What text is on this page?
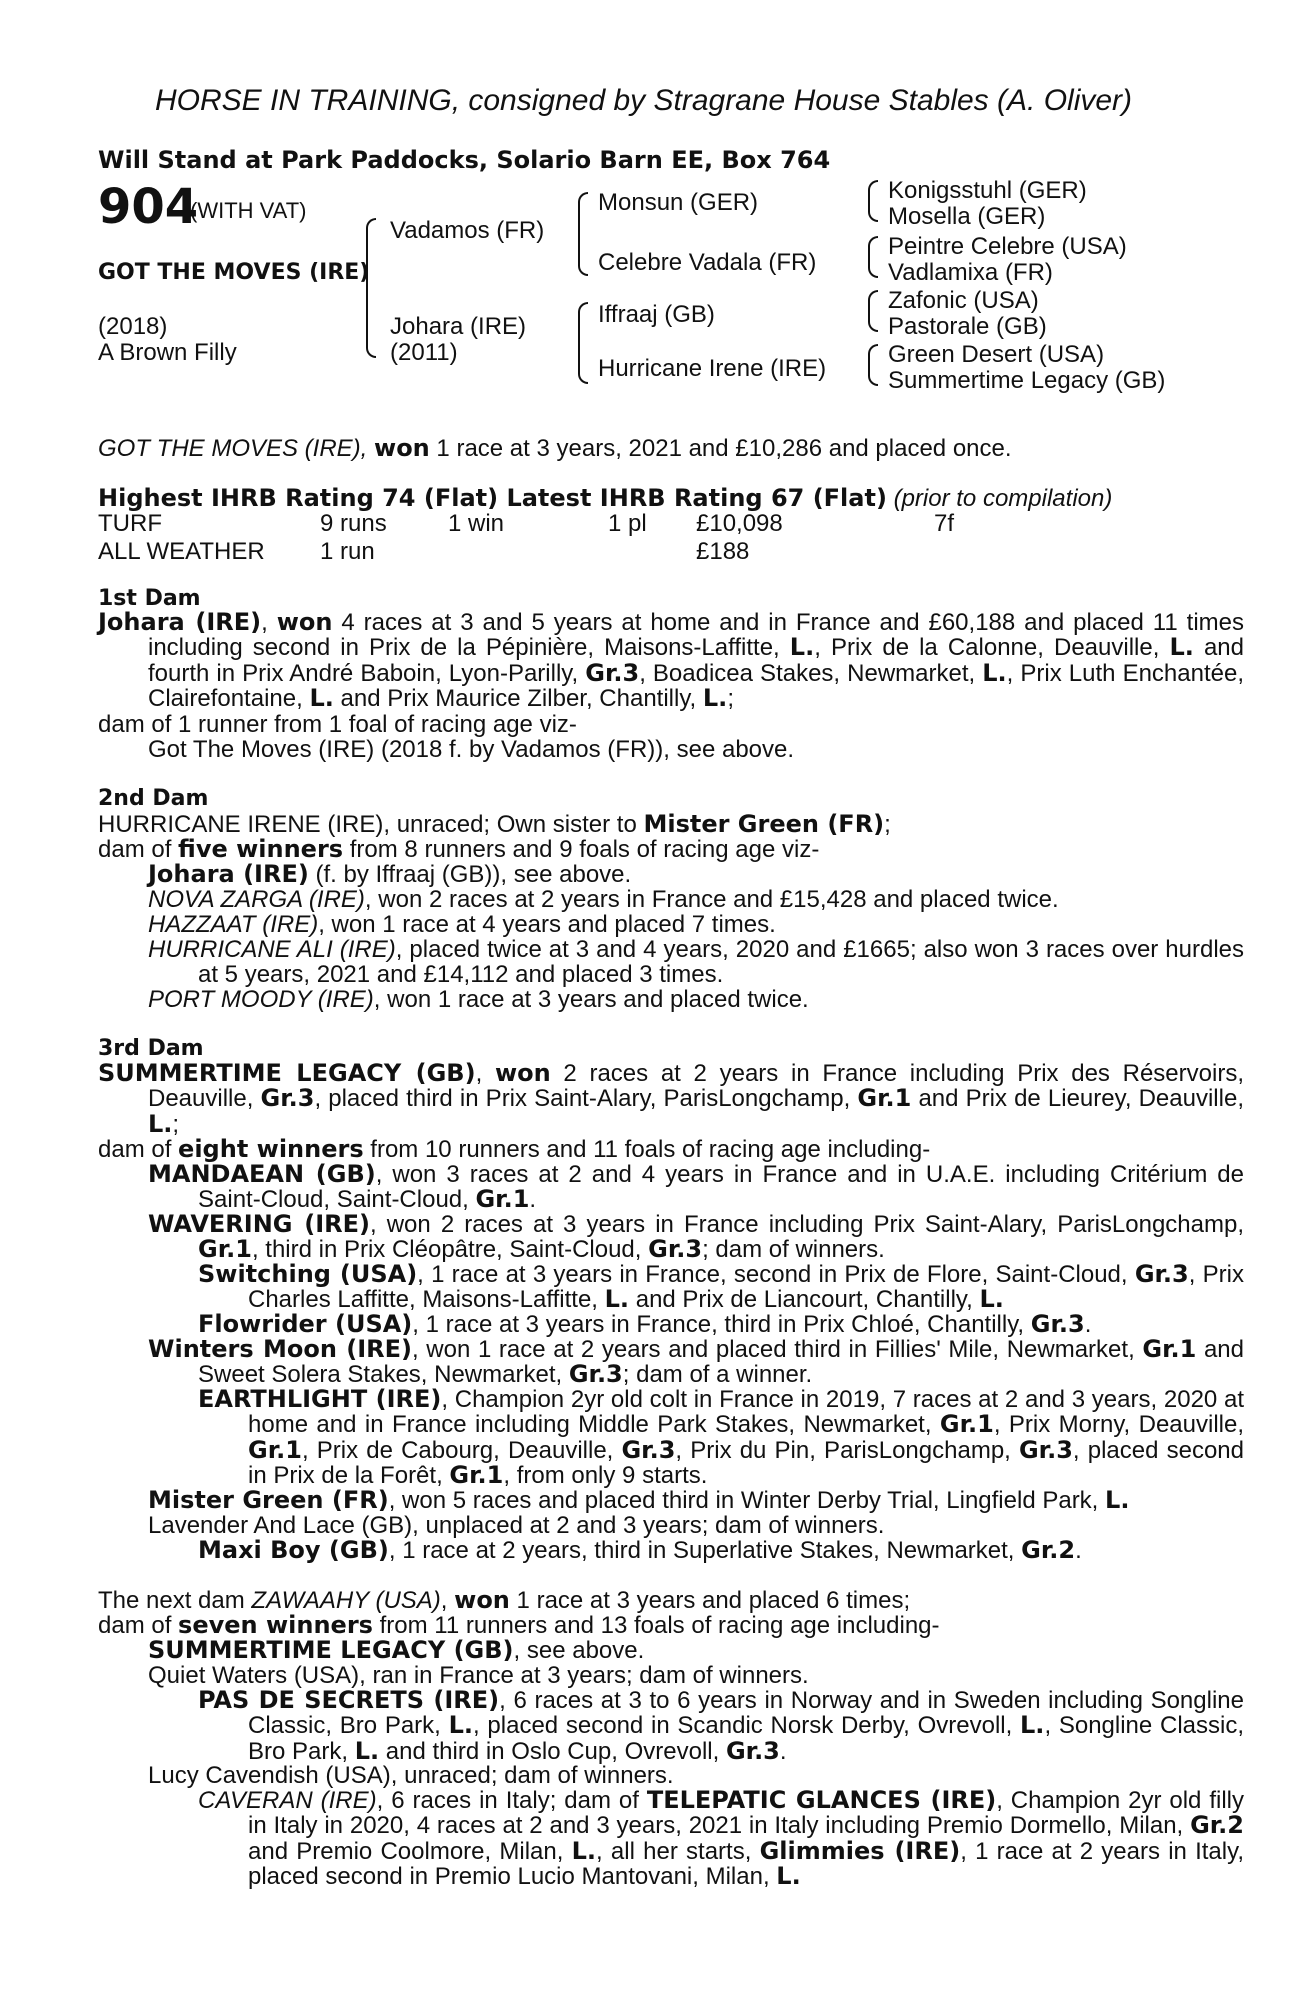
HORSE IN TRAINING, consigned by Stragrane House Stables (A. Oliver)
Will Stand at Park Paddocks, Solario Barn EE, Box 764
904
(WITH VAT)
GOT THE MOVES (IRE)
(2018)
A Brown Filly
Vadamos (FR)
Johara (IRE)
(2011)
Monsun (GER)
Celebre Vadala (FR)
Iffraaj (GB)
Hurricane Irene (IRE)
Konigsstuhl (GER)
Mosella (GER)
Peintre Celebre (USA)
Vadlamixa (FR)
Zafonic (USA)
Pastorale (GB)
Green Desert (USA)
Summertime Legacy (GB)
GOT THE MOVES (IRE), won 1 race at 3 years, 2021 and £10,286 and placed once.
Highest IHRB Rating 74 (Flat) Latest IHRB Rating 67 (Flat) (prior to compilation)
TURF	9 runs	1 win	1 pl	£10,098	7f
ALL WEATHER	1 run			£188	
1st Dam
Johara (IRE), won 4 races at 3 and 5 years at home and in France and £60,188 and placed 11 times including second in Prix de la Pépinière, Maisons-Laffitte, L., Prix de la Calonne, Deauville, L. and fourth in Prix André Baboin, Lyon-Parilly, Gr.3, Boadicea Stakes, Newmarket, L., Prix Luth Enchantée, Clairefontaine, L. and Prix Maurice Zilber, Chantilly, L.;
dam of 1 runner from 1 foal of racing age viz-
Got The Moves (IRE) (2018 f. by Vadamos (FR)), see above.
2nd Dam
HURRICANE IRENE (IRE), unraced; Own sister to Mister Green (FR);
dam of five winners from 8 runners and 9 foals of racing age viz-
Johara (IRE) (f. by Iffraaj (GB)), see above.
NOVA ZARGA (IRE), won 2 races at 2 years in France and £15,428 and placed twice.
HAZZAAT (IRE), won 1 race at 4 years and placed 7 times.
HURRICANE ALI (IRE), placed twice at 3 and 4 years, 2020 and £1665; also won 3 races over hurdles at 5 years, 2021 and £14,112 and placed 3 times.
PORT MOODY (IRE), won 1 race at 3 years and placed twice.
3rd Dam
SUMMERTIME LEGACY (GB), won 2 races at 2 years in France including Prix des Réservoirs, Deauville, Gr.3, placed third in Prix Saint-Alary, ParisLongchamp, Gr.1 and Prix de Lieurey, Deauville, L.;
dam of eight winners from 10 runners and 11 foals of racing age including-
MANDAEAN (GB), won 3 races at 2 and 4 years in France and in U.A.E. including Critérium de Saint-Cloud, Saint-Cloud, Gr.1.
WAVERING (IRE), won 2 races at 3 years in France including Prix Saint-Alary, ParisLongchamp, Gr.1, third in Prix Cléopâtre, Saint-Cloud, Gr.3; dam of winners.
Switching (USA), 1 race at 3 years in France, second in Prix de Flore, Saint-Cloud, Gr.3, Prix Charles Laffitte, Maisons-Laffitte, L. and Prix de Liancourt, Chantilly, L.
Flowrider (USA), 1 race at 3 years in France, third in Prix Chloé, Chantilly, Gr.3.
Winters Moon (IRE), won 1 race at 2 years and placed third in Fillies' Mile, Newmarket, Gr.1 and Sweet Solera Stakes, Newmarket, Gr.3; dam of a winner.
EARTHLIGHT (IRE), Champion 2yr old colt in France in 2019, 7 races at 2 and 3 years, 2020 at home and in France including Middle Park Stakes, Newmarket, Gr.1, Prix Morny, Deauville, Gr.1, Prix de Cabourg, Deauville, Gr.3, Prix du Pin, ParisLongchamp, Gr.3, placed second in Prix de la Forêt, Gr.1, from only 9 starts.
Mister Green (FR), won 5 races and placed third in Winter Derby Trial, Lingfield Park, L.
Lavender And Lace (GB), unplaced at 2 and 3 years; dam of winners.
Maxi Boy (GB), 1 race at 2 years, third in Superlative Stakes, Newmarket, Gr.2.
The next dam ZAWAAHY (USA), won 1 race at 3 years and placed 6 times;
dam of seven winners from 11 runners and 13 foals of racing age including-
SUMMERTIME LEGACY (GB), see above.
Quiet Waters (USA), ran in France at 3 years; dam of winners.
PAS DE SECRETS (IRE), 6 races at 3 to 6 years in Norway and in Sweden including Songline Classic, Bro Park, L., placed second in Scandic Norsk Derby, Ovrevoll, L., Songline Classic, Bro Park, L. and third in Oslo Cup, Ovrevoll, Gr.3.
Lucy Cavendish (USA), unraced; dam of winners.
CAVERAN (IRE), 6 races in Italy; dam of TELEPATIC GLANCES (IRE), Champion 2yr old filly in Italy in 2020, 4 races at 2 and 3 years, 2021 in Italy including Premio Dormello, Milan, Gr.2 and Premio Coolmore, Milan, L., all her starts, Glimmies (IRE), 1 race at 2 years in Italy, placed second in Premio Lucio Mantovani, Milan, L.
